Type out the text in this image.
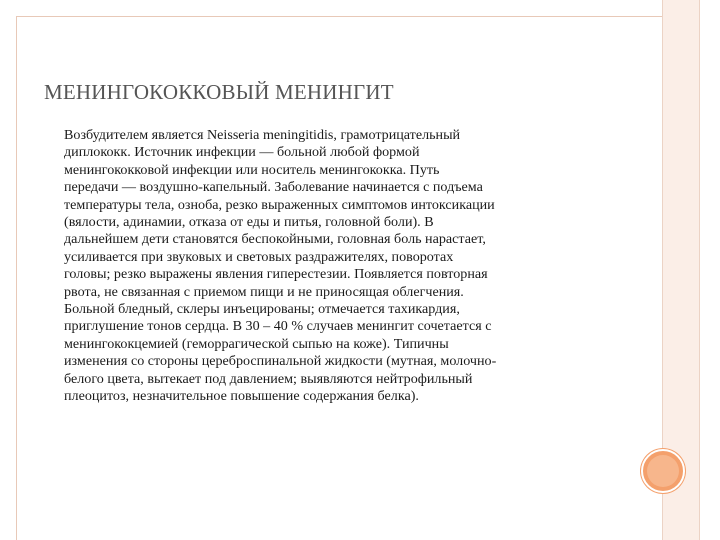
МЕНИНГОКОККОВЫЙ МЕНИНГИТ
Возбудителем является Neisseria meningitidis, грамотрицательный
диплококк. Источник инфекции — больной любой формой
менингококковой инфекции или носитель менингококка. Путь
передачи — воздушно-капельный. Заболевание начинается с подъема
температуры тела, озноба, резко выраженных симптомов интоксикации
(вялости, адинамии, отказа от еды и питья, головной боли). В
дальнейшем дети становятся беспокойными, головная боль нарастает,
усиливается при звуковых и световых раздражителях, поворотах
головы; резко выражены явления гиперестезии. Появляется повторная
рвота, не связанная с приемом пищи и не приносящая облегчения.
Больной бледный, склеры инъецированы; отмечается тахикардия,
приглушение тонов сердца. В 30 – 40 % случаев менингит сочетается с
менингококцемией (геморрагической сыпью на коже). Типичны
изменения со стороны цереброспинальной жидкости (мутная, молочно-
белого цвета, вытекает под давлением; выявляются нейтрофильный
плеоцитоз, незначительное повышение содержания белка).
